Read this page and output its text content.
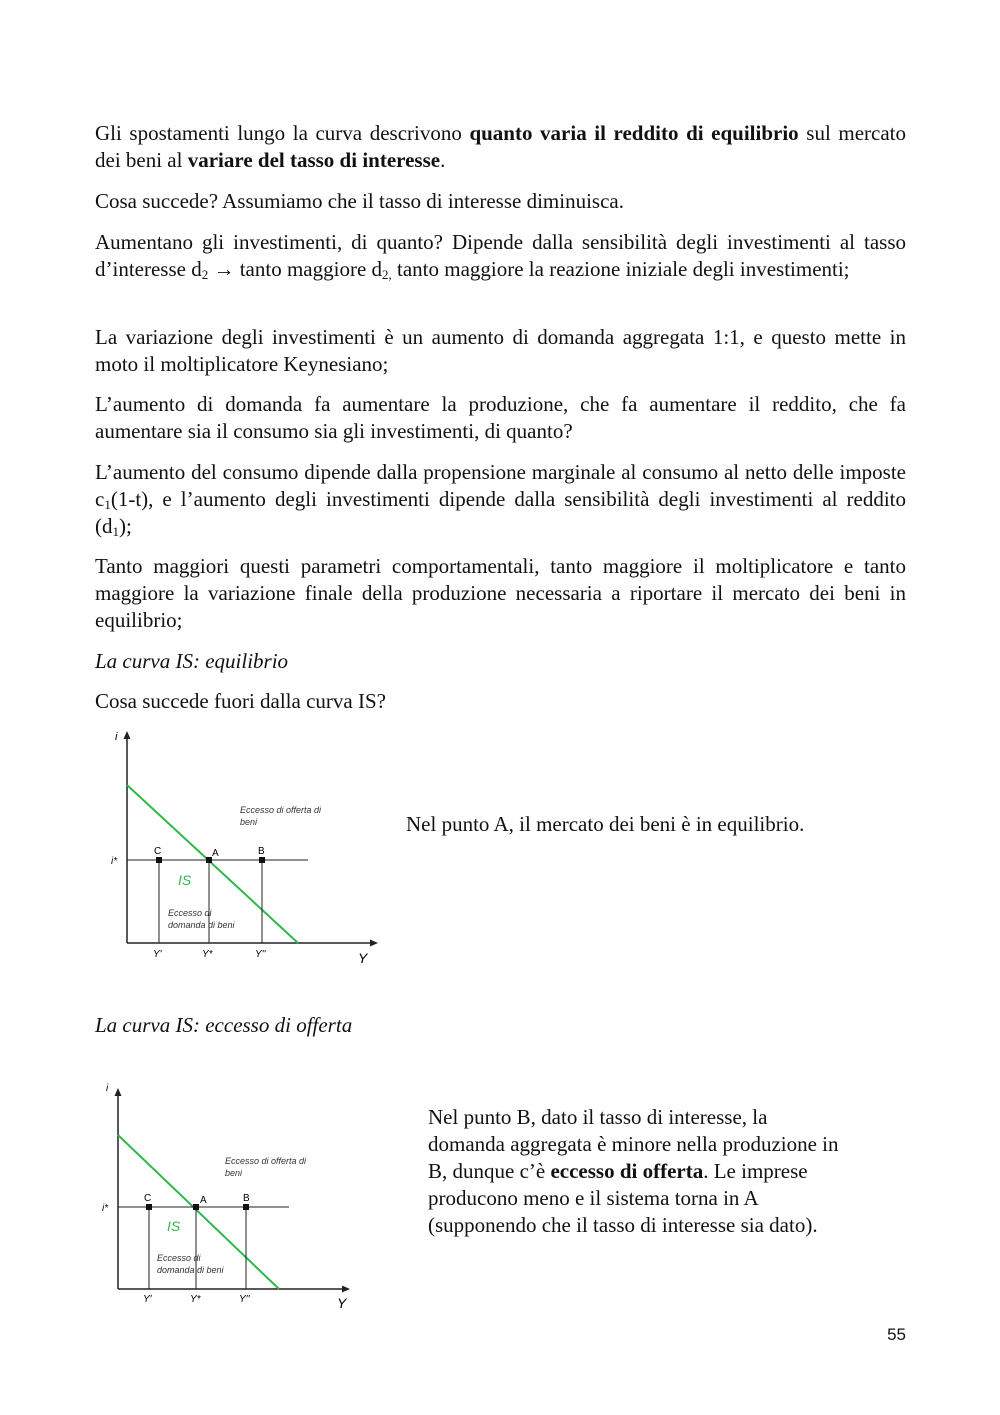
Gli spostamenti lungo la curva descrivono quanto varia il reddito di equilibrio sul mercato dei beni al variare del tasso di interesse.

Cosa succede? Assumiamo che il tasso di interesse diminuisca.

Aumentano gli investimenti, di quanto? Dipende dalla sensibilità degli investimenti al tasso d’interesse $d_2$ → tanto maggiore $d_{2,}$ tanto maggiore la reazione iniziale degli investimenti;

La variazione degli investimenti è un aumento di domanda aggregata 1:1, e questo mette in moto il moltiplicatore Keynesiano;

L’aumento di domanda fa aumentare la produzione, che fa aumentare il reddito, che fa aumentare sia il consumo sia gli investimenti, di quanto?

L’aumento del consumo dipende dalla propensione marginale al consumo al netto delle imposte $c_1(1-t)$, e l’aumento degli investimenti dipende dalla sensibilità degli investimenti al reddito $(d_1)$;

Tanto maggiori questi parametri comportamentali, tanto maggiore il moltiplicatore e tanto maggiore la variazione finale della produzione necessaria a riportare il mercato dei beni in equilibrio;

La curva IS: equilibrio

Cosa succede fuori dalla curva IS?

i
Y
i*
C	A	B
IS
Eccesso di offerta di
beni
Eccesso di
domanda di beni
Y'	Y*	Y''

Nel punto A, il mercato dei beni è in equilibrio.

La curva IS: eccesso di offerta

i
Y
i*
C	A	B
IS
Eccesso di offerta di
beni
Eccesso di
domanda di beni
Y'	Y*	Y''

Nel punto B, dato il tasso di interesse, la domanda aggregata è minore nella produzione in B, dunque c’è eccesso di offerta. Le imprese producono meno e il sistema torna in A (supponendo che il tasso di interesse sia dato).

55
